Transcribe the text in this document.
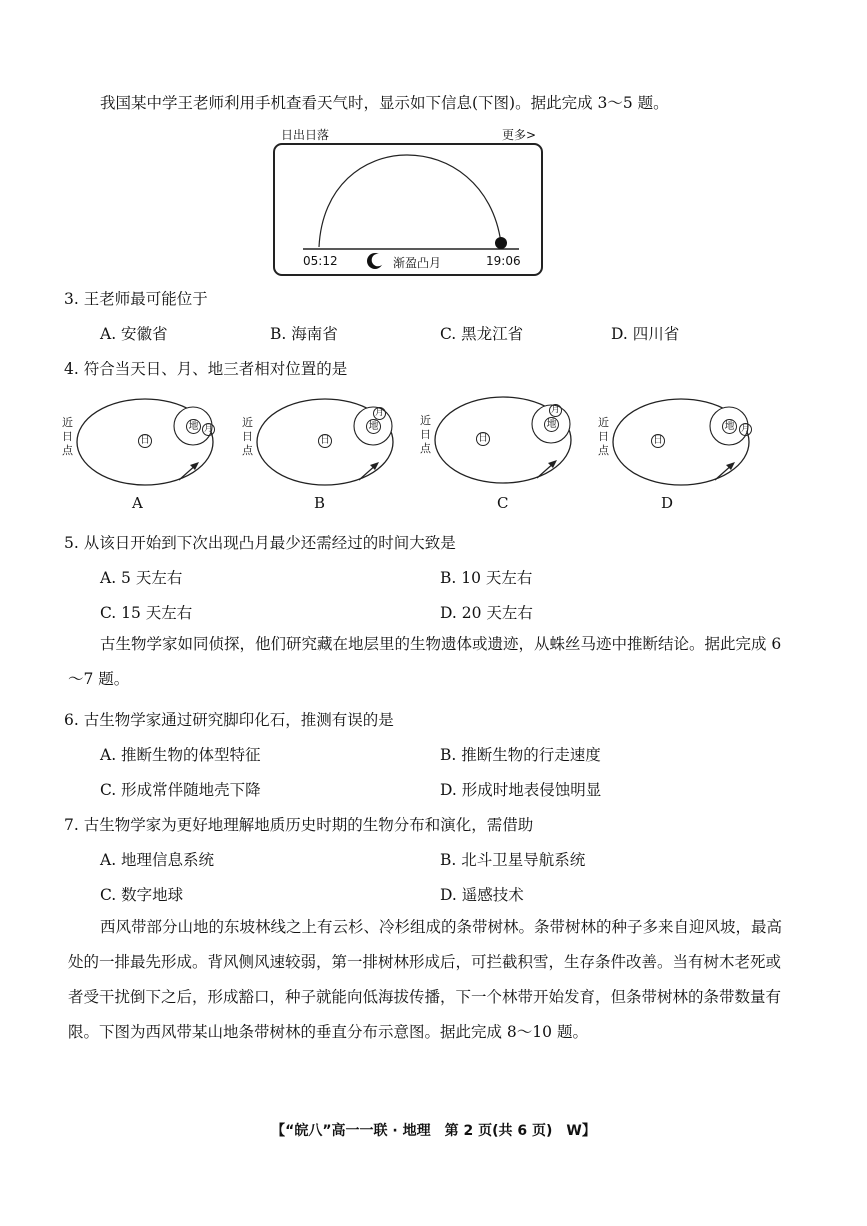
我国某中学王老师利用手机查看天气时，显示如下信息(下图)。据此完成 3～5 题。
日出日落	更多>
05:12	渐盈凸月	19:06
3. 王老师最可能位于
A. 安徽省	B. 海南省	C. 黑龙江省	D. 四川省
4. 符合当天日、月、地三者相对位置的是
近
日
点
日
地 月
A
近
日
点
日
地
月
B
近
日
点
日
地
月
C
近
日
点
日
地 月
D
5. 从该日开始到下次出现凸月最少还需经过的时间大致是
A. 5 天左右	B. 10 天左右
C. 15 天左右	D. 20 天左右
古生物学家如同侦探，他们研究藏在地层里的生物遗体或遗迹，从蛛丝马迹中推断结论。据此完成 6～7 题。
6. 古生物学家通过研究脚印化石，推测有误的是
A. 推断生物的体型特征	B. 推断生物的行走速度
C. 形成常伴随地壳下降	D. 形成时地表侵蚀明显
7. 古生物学家为更好地理解地质历史时期的生物分布和演化，需借助
A. 地理信息系统	B. 北斗卫星导航系统
C. 数字地球	D. 遥感技术
西风带部分山地的东坡林线之上有云杉、冷杉组成的条带树林。条带树林的种子多来自迎风坡，最高处的一排最先形成。背风侧风速较弱，第一排树林形成后，可拦截积雪，生存条件改善。当有树木老死或者受干扰倒下之后，形成豁口，种子就能向低海拔传播，下一个林带开始发育，但条带树林的条带数量有限。下图为西风带某山地条带树林的垂直分布示意图。据此完成 8～10 题。
【“皖八”高一一联 · 地理　第 2 页(共 6 页)　W】
